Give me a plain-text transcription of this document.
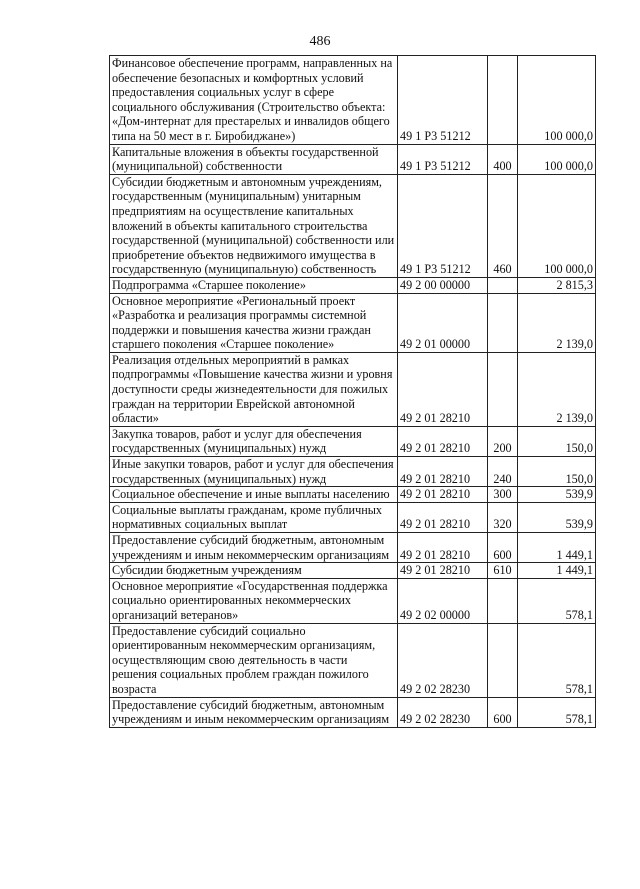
486
Финансовое обеспечение программ, направленных на обеспечение безопасных и комфортных условий предоставления социальных услуг в сфере социального обслуживания (Строительство объекта: «Дом-интернат для престарелых и инвалидов общего типа на 50 мест в г. Биробиджане»)	49 1 P3 51212		100 000,0
Капитальные вложения в объекты государственной (муниципальной) собственности	49 1 P3 51212	400	100 000,0
Субсидии бюджетным и автономным учреждениям, государственным (муниципальным) унитарным предприятиям на осуществление капитальных вложений в объекты капитального строительства государственной (муниципальной) собственности или приобретение объектов недвижимого имущества в государственную (муниципальную) собственность	49 1 P3 51212	460	100 000,0
Подпрограмма «Старшее поколение»	49 2 00 00000		2 815,3
Основное мероприятие «Региональный проект «Разработка и реализация программы системной поддержки и повышения качества жизни граждан старшего поколения «Старшее поколение»	49 2 01 00000		2 139,0
Реализация отдельных мероприятий в рамках подпрограммы «Повышение качества жизни и уровня доступности среды жизнедеятельности для пожилых граждан на территории Еврейской автономной области»	49 2 01 28210		2 139,0
Закупка товаров, работ и услуг для обеспечения государственных (муниципальных) нужд	49 2 01 28210	200	150,0
Иные закупки товаров, работ и услуг для обеспечения государственных (муниципальных) нужд	49 2 01 28210	240	150,0
Социальное обеспечение и иные выплаты населению	49 2 01 28210	300	539,9
Социальные выплаты гражданам, кроме публичных нормативных социальных выплат	49 2 01 28210	320	539,9
Предоставление субсидий бюджетным, автономным учреждениям и иным некоммерческим организациям	49 2 01 28210	600	1 449,1
Субсидии бюджетным учреждениям	49 2 01 28210	610	1 449,1
Основное мероприятие «Государственная поддержка социально ориентированных некоммерческих организаций ветеранов»	49 2 02 00000		578,1
Предоставление субсидий социально ориентированным некоммерческим организациям, осуществляющим свою деятельность в части решения социальных проблем граждан пожилого возраста	49 2 02 28230		578,1
Предоставление субсидий бюджетным, автономным учреждениям и иным некоммерческим организациям	49 2 02 28230	600	578,1
